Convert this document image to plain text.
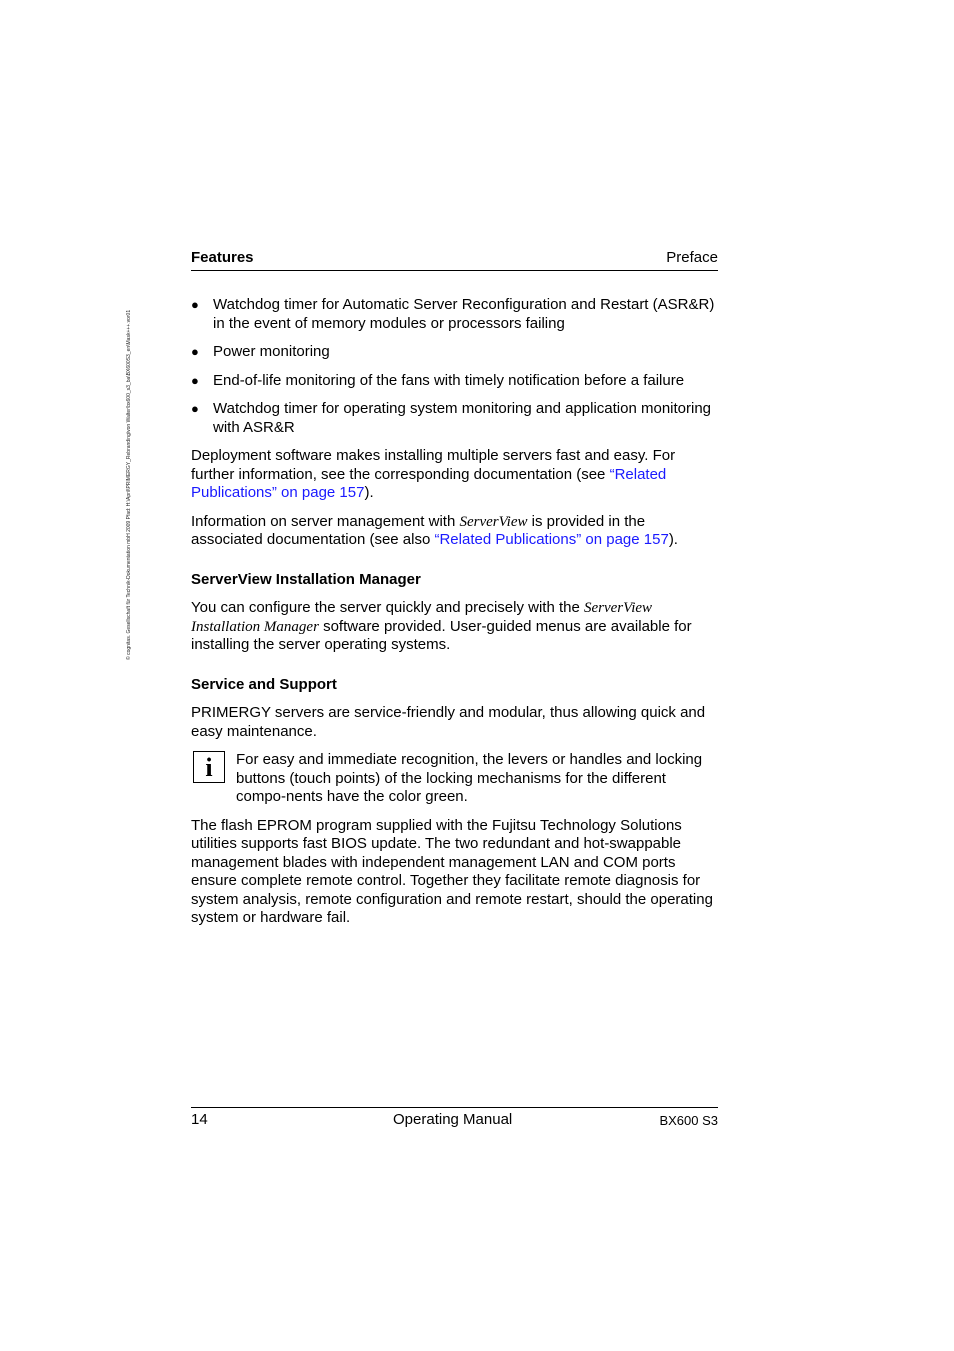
© cognitas. Gesellschaft für Technik-Dokumentation mbH 2009 Pfad: H:\April\PRIMERGY_Rebranding\von Walter\bx600_s3_ba\BX600S3_en\Mask+++.vor01
Features	Preface
● Watchdog timer for Automatic Server Reconfiguration and Restart (ASR&R) in the event of memory modules or processors failing
● Power monitoring
● End-of-life monitoring of the fans with timely notification before a failure
● Watchdog timer for operating system monitoring and application monitoring with ASR&R

Deployment software makes installing multiple servers fast and easy. For further information, see the corresponding documentation (see “Related Publications” on page 157).

Information on server management with ServerView is provided in the associated documentation (see also “Related Publications” on page 157).

ServerView Installation Manager

You can configure the server quickly and precisely with the ServerView Installation Manager software provided. User-guided menus are available for installing the server operating systems.

Service and Support

PRIMERGY servers are service-friendly and modular, thus allowing quick and easy maintenance.

i	For easy and immediate recognition, the levers or handles and locking buttons (touch points) of the locking mechanisms for the different compo-nents have the color green.

The flash EPROM program supplied with the Fujitsu Technology Solutions utilities supports fast BIOS update. The two redundant and hot-swappable management blades with independent management LAN and COM ports ensure complete remote control. Together they facilitate remote diagnosis for system analysis, remote configuration and remote restart, should the operating system or hardware fail.

14	Operating Manual	BX600 S3
